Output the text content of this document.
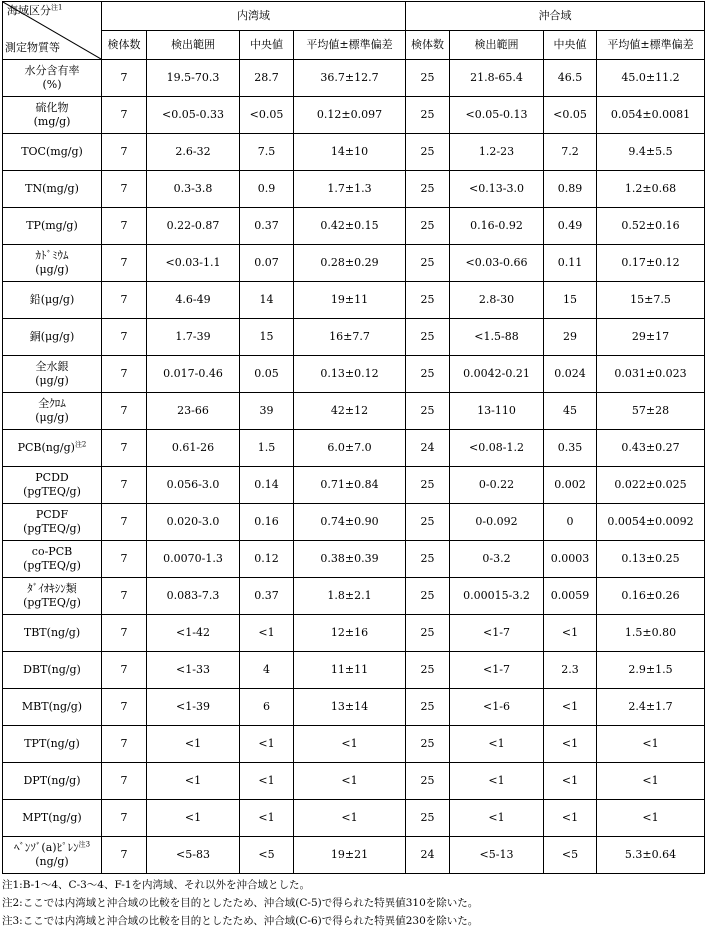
海域区分$^{注1}$
測定物質等	内湾域				沖合域			
	検体数	検出範囲	中央値	平均値±標準偏差	検体数	検出範囲	中央値	平均値±標準偏差
水分含有率
(%)	7	19.5-70.3	28.7	36.7±12.7	25	21.8-65.4	46.5	45.0±11.2
硫化物
(mg/g)	7	<0.05-0.33	<0.05	0.12±0.097	25	<0.05-0.13	<0.05	0.054±0.0081
TOC(mg/g)	7	2.6-32	7.5	14±10	25	1.2-23	7.2	9.4±5.5
TN(mg/g)	7	0.3-3.8	0.9	1.7±1.3	25	<0.13-3.0	0.89	1.2±0.68
TP(mg/g)	7	0.22-0.87	0.37	0.42±0.15	25	0.16-0.92	0.49	0.52±0.16
ｶﾄﾞﾐｳﾑ
(μg/g)	7	<0.03-1.1	0.07	0.28±0.29	25	<0.03-0.66	0.11	0.17±0.12
鉛(μg/g)	7	4.6-49	14	19±11	25	2.8-30	15	15±7.5
銅(μg/g)	7	1.7-39	15	16±7.7	25	<1.5-88	29	29±17
全水銀
(μg/g)	7	0.017-0.46	0.05	0.13±0.12	25	0.0042-0.21	0.024	0.031±0.023
全ｸﾛﾑ
(μg/g)	7	23-66	39	42±12	25	13-110	45	57±28
$PCB(ng/g)^{注2}$	7	0.61-26	1.5	6.0±7.0	24	<0.08-1.2	0.35	0.43±0.27
PCDD
(pgTEQ/g)	7	0.056-3.0	0.14	0.71±0.84	25	0-0.22	0.002	0.022±0.025
PCDF
(pgTEQ/g)	7	0.020-3.0	0.16	0.74±0.90	25	0-0.092	0	0.0054±0.0092
co-PCB
(pgTEQ/g)	7	0.0070-1.3	0.12	0.38±0.39	25	0-3.2	0.0003	0.13±0.25
ﾀﾞｲｵｷｼﾝ類
(pgTEQ/g)	7	0.083-7.3	0.37	1.8±2.1	25	0.00015-3.2	0.0059	0.16±0.26
TBT(ng/g)	7	<1-42	<1	12±16	25	<1-7	<1	1.5±0.80
DBT(ng/g)	7	<1-33	4	11±11	25	<1-7	2.3	2.9±1.5
MBT(ng/g)	7	<1-39	6	13±14	25	<1-6	<1	2.4±1.7
TPT(ng/g)	7	<1	<1	<1	25	<1	<1	<1
DPT(ng/g)	7	<1	<1	<1	25	<1	<1	<1
MPT(ng/g)	7	<1	<1	<1	25	<1	<1	<1
ﾍﾞﾝｿﾞ(a)ﾋﾟﾚﾝ$^{注3}$
(ng/g)	7	<5-83	<5	19±21	24	<5-13	<5	5.3±0.64
注1:B-1～4、C-3～4、F-1を内湾域、それ以外を沖合域とした。
注2:ここでは内湾域と沖合域の比較を目的としたため、沖合域(C-5)で得られた特異値310を除いた。
注3:ここでは内湾域と沖合域の比較を目的としたため、沖合域(C-6)で得られた特異値230を除いた。
